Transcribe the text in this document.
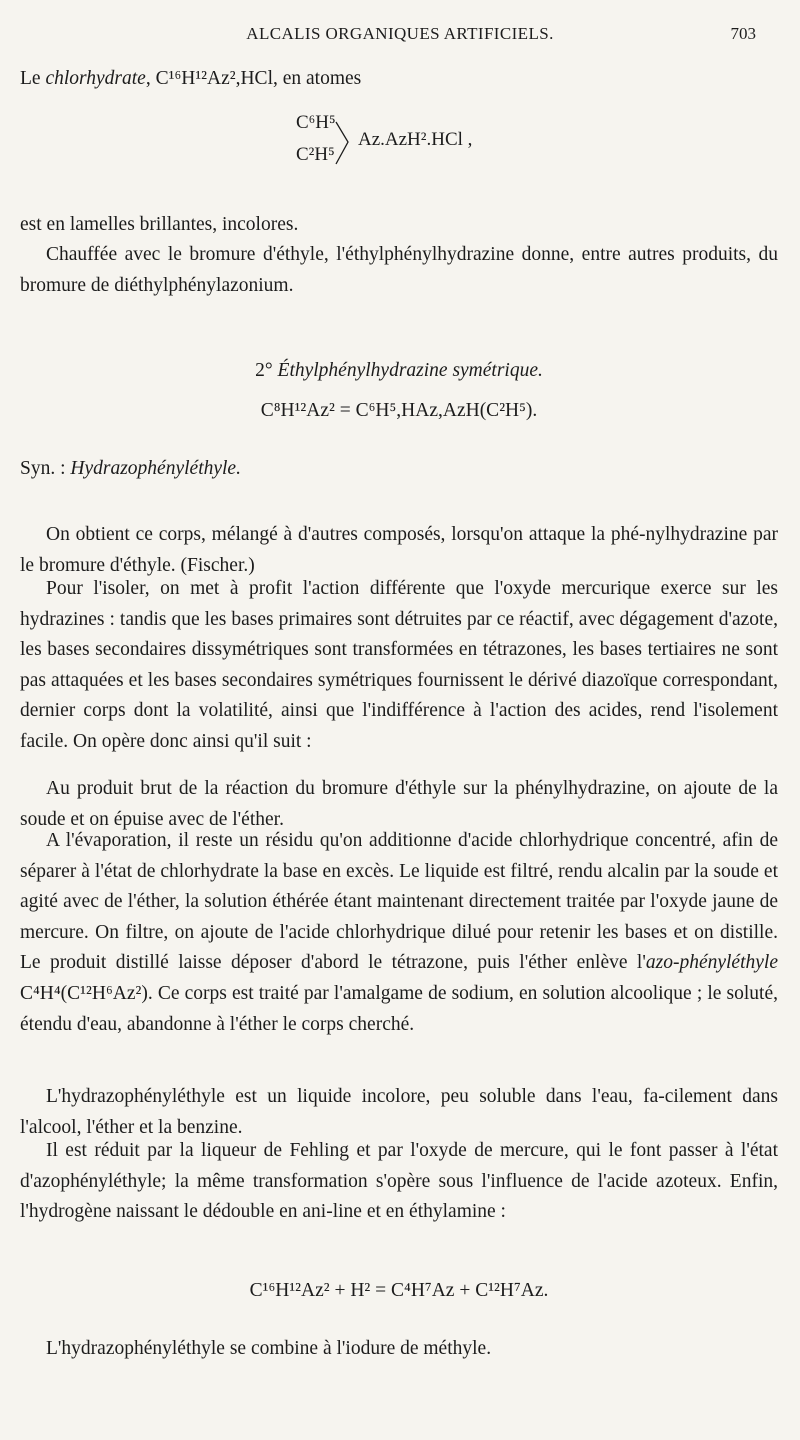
ALCALIS ORGANIQUES ARTIFICIELS.	703

Le chlorhydrate, C¹⁶H¹²Az²,HCl, en atomes

C⁶H⁵
C²H⁵
Az.AzH².HCl ,

est en lamelles brillantes, incolores.

Chauffée avec le bromure d'éthyle, l'éthylphénylhydrazine donne, entre autres produits, du bromure de diéthylphénylazonium.

2° Éthylphénylhydrazine symétrique.

C⁸H¹²Az² = C⁶H⁵,HAz,AzH(C²H⁵).

Syn. : Hydrazophényléthyle.

On obtient ce corps, mélangé à d'autres composés, lorsqu'on attaque la phé-nylhydrazine par le bromure d'éthyle. (Fischer.)

Pour l'isoler, on met à profit l'action différente que l'oxyde mercurique exerce sur les hydrazines : tandis que les bases primaires sont détruites par ce réactif, avec dégagement d'azote, les bases secondaires dissymétriques sont transformées en tétrazones, les bases tertiaires ne sont pas attaquées et les bases secondaires symétriques fournissent le dérivé diazoïque correspondant, dernier corps dont la volatilité, ainsi que l'indifférence à l'action des acides, rend l'isolement facile. On opère donc ainsi qu'il suit :

Au produit brut de la réaction du bromure d'éthyle sur la phénylhydrazine, on ajoute de la soude et on épuise avec de l'éther.

A l'évaporation, il reste un résidu qu'on additionne d'acide chlorhydrique concentré, afin de séparer à l'état de chlorhydrate la base en excès. Le liquide est filtré, rendu alcalin par la soude et agité avec de l'éther, la solution éthérée étant maintenant directement traitée par l'oxyde jaune de mercure. On filtre, on ajoute de l'acide chlorhydrique dilué pour retenir les bases et on distille. Le produit distillé laisse déposer d'abord le tétrazone, puis l'éther enlève l'azo-phényléthyle C⁴H⁴(C¹²H⁶Az²). Ce corps est traité par l'amalgame de sodium, en solution alcoolique ; le soluté, étendu d'eau, abandonne à l'éther le corps cherché.

L'hydrazophényléthyle est un liquide incolore, peu soluble dans l'eau, fa-cilement dans l'alcool, l'éther et la benzine.

Il est réduit par la liqueur de Fehling et par l'oxyde de mercure, qui le font passer à l'état d'azophényléthyle; la même transformation s'opère sous l'influence de l'acide azoteux. Enfin, l'hydrogène naissant le dédouble en ani-line et en éthylamine :

C¹⁶H¹²Az² + H² = C⁴H⁷Az + C¹²H⁷Az.

L'hydrazophényléthyle se combine à l'iodure de méthyle.
